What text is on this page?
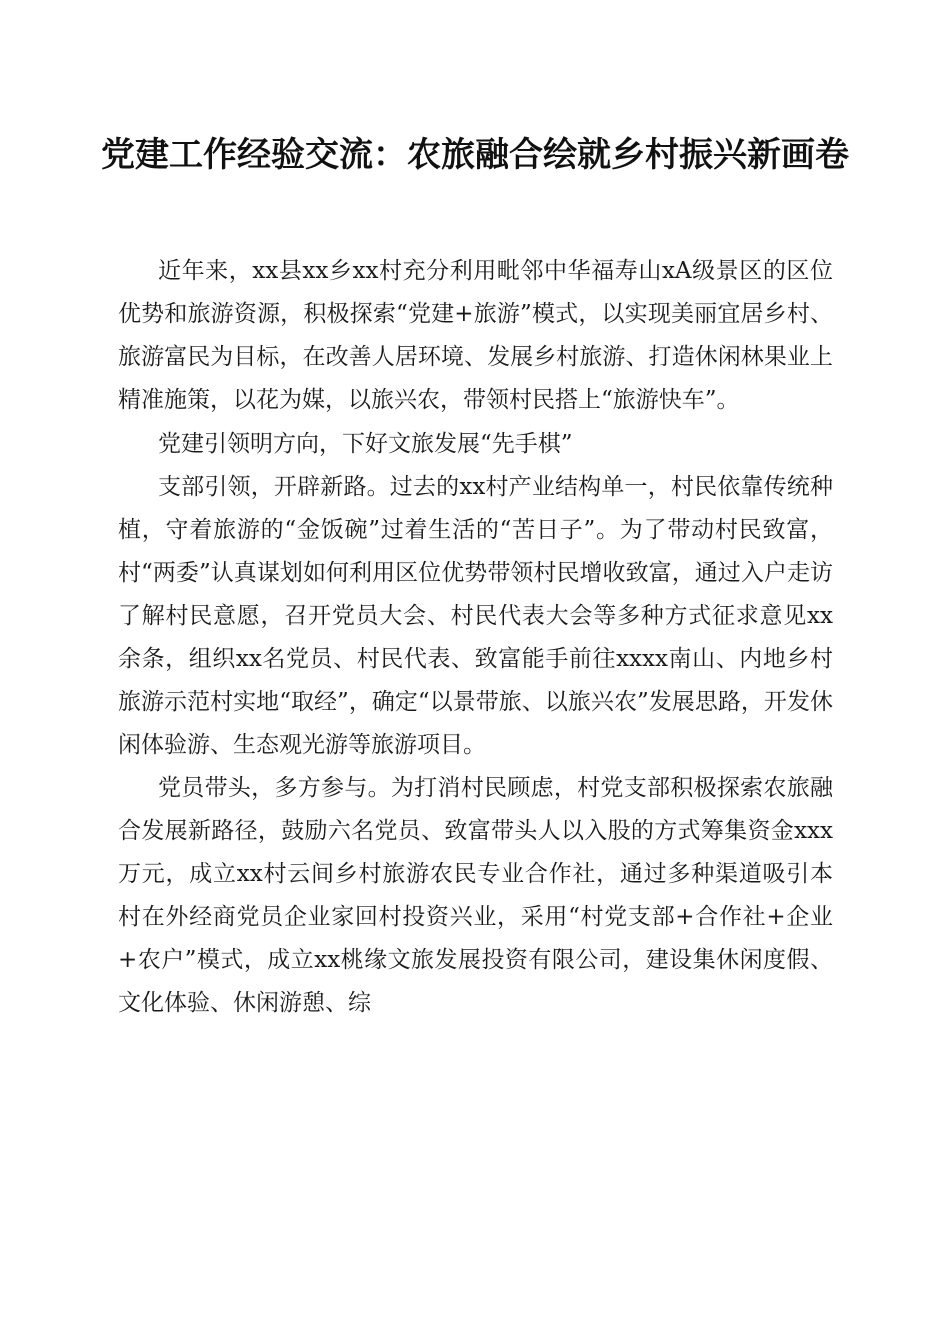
党建工作经验交流：农旅融合绘就乡村振兴新画卷

近年来，xx县xx乡xx村充分利用毗邻中华福寿山xA级景区的区位优势和旅游资源，积极探索“党建+旅游”模式，以实现美丽宜居乡村、旅游富民为目标，在改善人居环境、发展乡村旅游、打造休闲林果业上精准施策，以花为媒，以旅兴农，带领村民搭上“旅游快车”。

党建引领明方向，下好文旅发展“先手棋”

支部引领，开辟新路。过去的xx村产业结构单一，村民依靠传统种植，守着旅游的“金饭碗”过着生活的“苦日子”。为了带动村民致富，村“两委”认真谋划如何利用区位优势带领村民增收致富，通过入户走访了解村民意愿，召开党员大会、村民代表大会等多种方式征求意见xx余条，组织xx名党员、村民代表、致富能手前往xxxx南山、内地乡村旅游示范村实地“取经”，确定“以景带旅、以旅兴农”发展思路，开发休闲体验游、生态观光游等旅游项目。

党员带头，多方参与。为打消村民顾虑，村党支部积极探索农旅融合发展新路径，鼓励六名党员、致富带头人以入股的方式筹集资金xxx万元，成立xx村云间乡村旅游农民专业合作社，通过多种渠道吸引本村在外经商党员企业家回村投资兴业，采用“村党支部+合作社+企业+农户”模式，成立xx桃缘文旅发展投资有限公司，建设集休闲度假、文化体验、休闲游憩、综
